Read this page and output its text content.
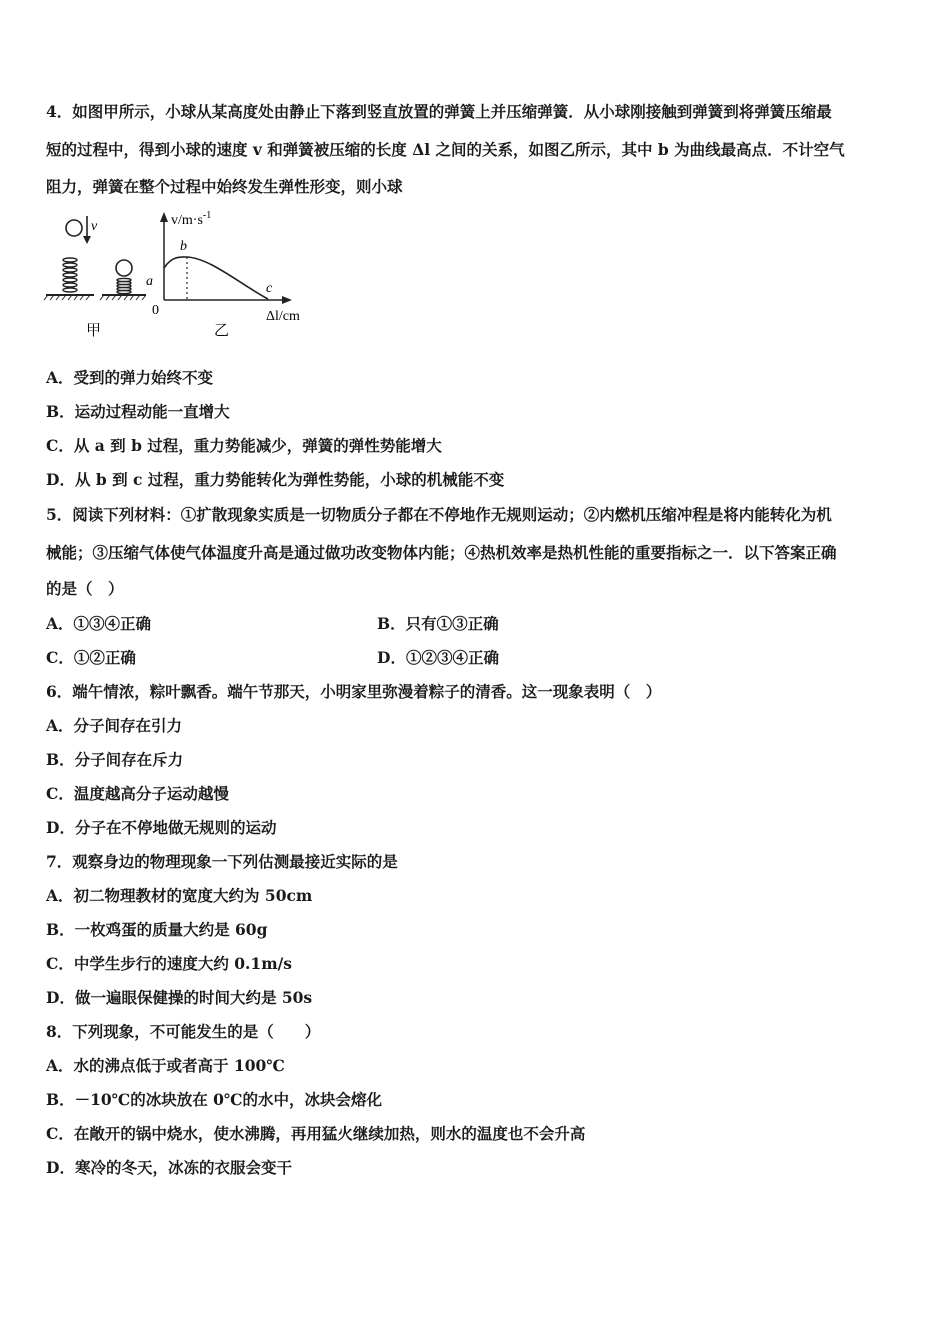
4．如图甲所示，小球从某高度处由静止下落到竖直放置的弹簧上并压缩弹簧．从小球刚接触到弹簧到将弹簧压缩最
短的过程中，得到小球的速度 v 和弹簧被压缩的长度 Δl 之间的关系，如图乙所示，其中 b 为曲线最高点．不计空气
阻力，弹簧在整个过程中始终发生弹性形变，则小球
v
甲
$v/m\cdot s^{-1}$
b
a	c
0	Δl/cm
乙
A．受到的弹力始终不变
B．运动过程动能一直增大
C．从 a 到 b 过程，重力势能减少，弹簧的弹性势能增大
D．从 b 到 c 过程，重力势能转化为弹性势能，小球的机械能不变
5．阅读下列材料：①扩散现象实质是一切物质分子都在不停地作无规则运动；②内燃机压缩冲程是将内能转化为机
械能；③压缩气体使气体温度升高是通过做功改变物体内能；④热机效率是热机性能的重要指标之一．以下答案正确
的是（　）
A．①③④正确	B．只有①③正确
C．①②正确	D．①②③④正确
6．端午情浓，粽叶飘香。端午节那天，小明家里弥漫着粽子的清香。这一现象表明（　）
A．分子间存在引力
B．分子间存在斥力
C．温度越高分子运动越慢
D．分子在不停地做无规则的运动
7．观察身边的物理现象一下列估测最接近实际的是
A．初二物理教材的宽度大约为 50cm
B．一枚鸡蛋的质量大约是 60g
C．中学生步行的速度大约 0.1m/s
D．做一遍眼保健操的时间大约是 50s
8．下列现象，不可能发生的是（　　）
A．水的沸点低于或者高于 100℃
B．－10℃的冰块放在 0℃的水中，冰块会熔化
C．在敞开的锅中烧水，使水沸腾，再用猛火继续加热，则水的温度也不会升高
D．寒冷的冬天，冰冻的衣服会变干
